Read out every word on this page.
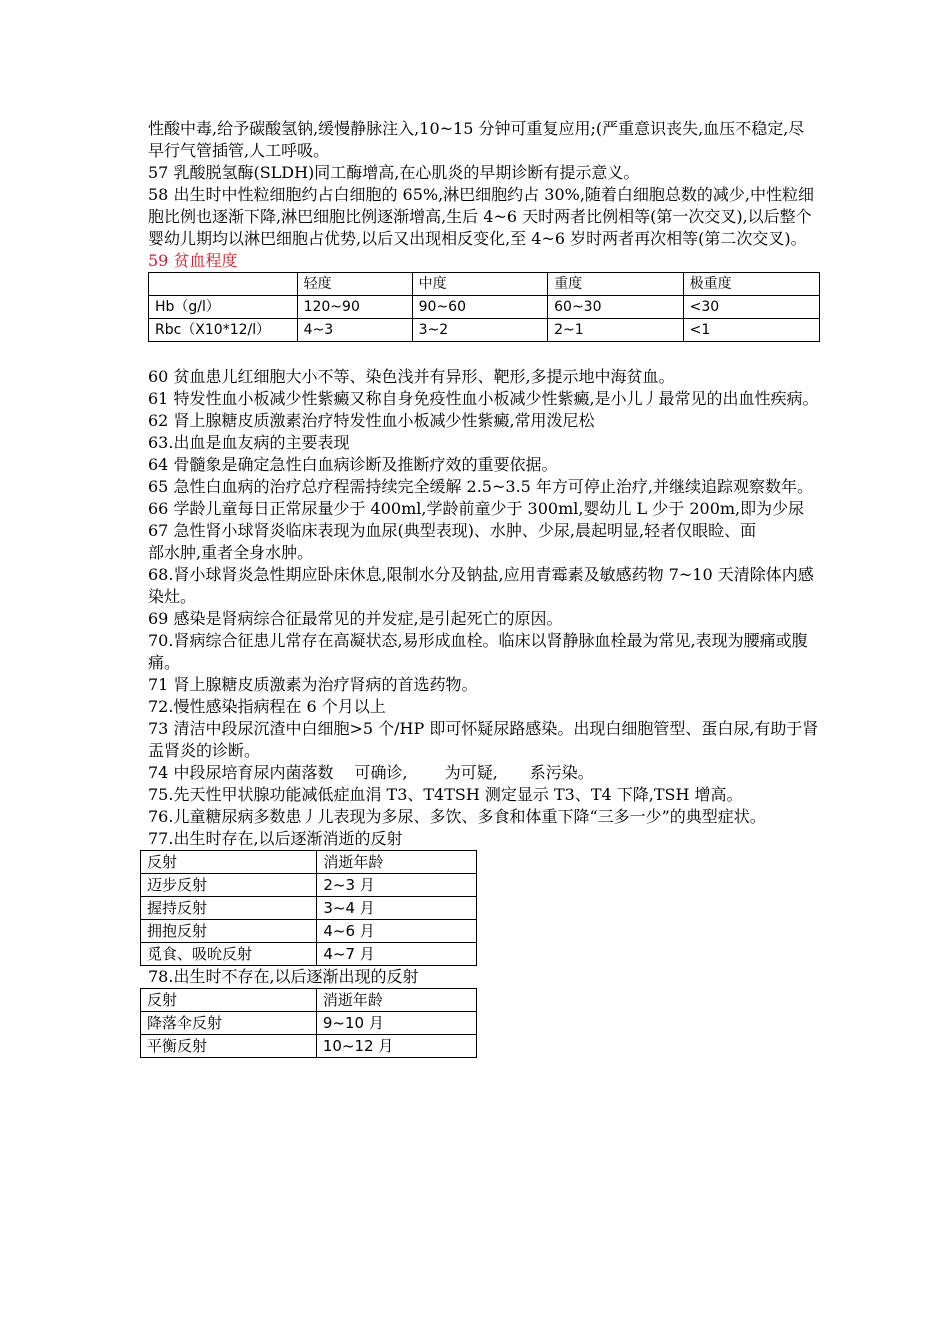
性酸中毒,给予碳酸氢钠,缓慢静脉注入,10~15 分钟可重复应用;(严重意识丧失,血压不稳定,尽早行气管插管,人工呼吸。

57 乳酸脱氢酶(SLDH)同工酶增高,在心肌炎的早期诊断有提示意义。

58 出生时中性粒细胞约占白细胞的 65%,淋巴细胞约占 30%,随着白细胞总数的减少,中性粒细胞比例也逐渐下降,淋巴细胞比例逐渐增高,生后 4~6 天时两者比例相等(第一次交叉),以后整个婴幼儿期均以淋巴细胞占优势,以后又出现相反变化,至 4~6 岁时两者再次相等(第二次交叉)。

59 贫血程度

	轻度	中度	重度	极重度
Hb（g/l）	120~90	90~60	60~30	<30
Rbc（X10*12/l）	4~3	3~2	2~1	<1

60 贫血患儿红细胞大小不等、染色浅并有异形、靶形,多提示地中海贫血。

61 特发性血小板减少性紫癜又称自身免疫性血小板减少性紫癜,是小儿丿最常见的出血性疾病。

62 肾上腺糖皮质激素治疗特发性血小板减少性紫癜,常用泼尼松

63.出血是血友病的主要表现

64 骨髓象是确定急性白血病诊断及推断疗效的重要依据。

65 急性白血病的治疗总疗程需持续完全缓解 2.5~3.5 年方可停止治疗,并继续追踪观察数年。

66 学龄儿童每日正常尿量少于 400ml,学龄前童少于 300ml,婴幼儿 L 少于 200m,即为少尿

67 急性肾小球肾炎临床表现为血尿(典型表现)、水肿、少尿,晨起明显,轻者仅眼睑、面

部水肿,重者全身水肿。

68.肾小球肾炎急性期应卧床休息,限制水分及钠盐,应用青霉素及敏感药物 7~10 天清除体内感染灶。

69 感染是肾病综合征最常见的并发症,是引起死亡的原因。

70.肾病综合征患儿常存在高凝状态,易形成血栓。临床以肾静脉血栓最为常见,表现为腰痛或腹痛。

71 肾上腺糖皮质激素为治疗肾病的首选药物。

72.慢性感染指病程在 6 个月以上

73 清洁中段尿沉渣中白细胞>5 个/HP 即可怀疑尿路感染。出现白细胞管型、蛋白尿,有助于肾盂肾炎的诊断。

74 中段尿培育尿内菌落数　 可确诊,　　 为可疑,　　系污染。

75.先天性甲状腺功能减低症血涓 T3、T4TSH 测定显示 T3、T4 下降,TSH 增高。

76.儿童糖尿病多数患丿儿表现为多尿、多饮、多食和体重下降“三多一少”的典型症状。

77.出生时存在,以后逐渐消逝的反射

反射	消逝年龄
迈步反射	2~3 月
握持反射	3~4 月
拥抱反射	4~6 月
觅食、吸吮反射	4~7 月

78.出生时不存在,以后逐渐出现的反射

反射	消逝年龄
降落伞反射	9~10 月
平衡反射	10~12 月
